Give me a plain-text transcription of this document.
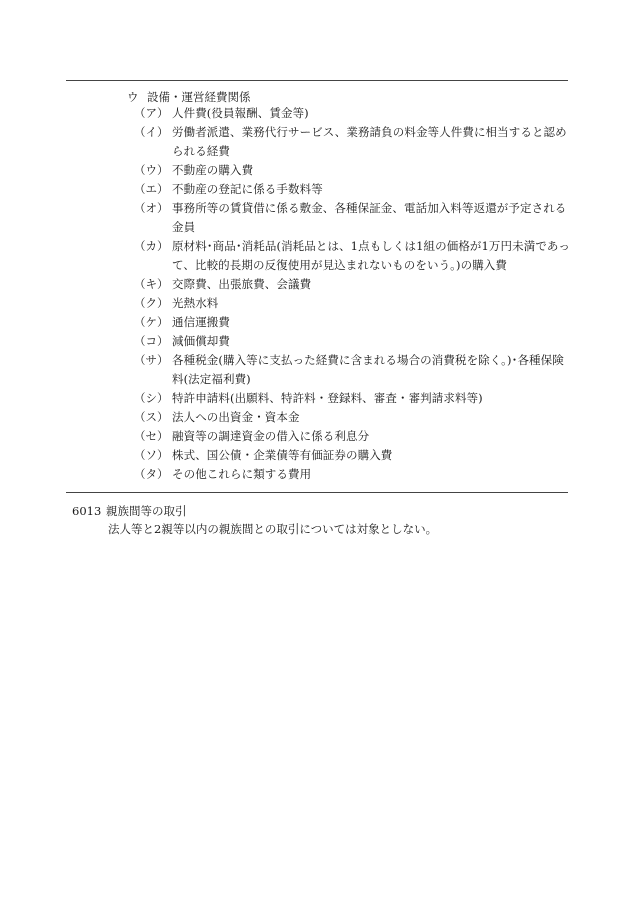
ウ 設備・運営経費関係
（ア） 人件費(役員報酬、賃金等)
（イ） 労働者派遣、業務代行サービス、業務請負の料金等人件費に相当すると認められる経費
（ウ） 不動産の購入費
（エ） 不動産の登記に係る手数料等
（オ） 事務所等の賃貸借に係る敷金、各種保証金、電話加入料等返還が予定される金員
（カ） 原材料･商品･消耗品(消耗品とは、1点もしくは1組の価格が1万円未満であって、比較的長期の反復使用が見込まれないものをいう。)の購入費
（キ） 交際費、出張旅費、会議費
（ク） 光熱水料
（ケ） 通信運搬費
（コ） 減価償却費
（サ） 各種税金(購入等に支払った経費に含まれる場合の消費税を除く。)･各種保険料(法定福利費)
（シ） 特許申請料(出願料、特許料・登録料、審査・審判請求料等)
（ス） 法人への出資金・資本金
（セ） 融資等の調達資金の借入に係る利息分
（ソ） 株式、国公債・企業債等有価証券の購入費
（タ） その他これらに類する費用
6013 親族間等の取引
法人等と2親等以内の親族間との取引については対象としない。
